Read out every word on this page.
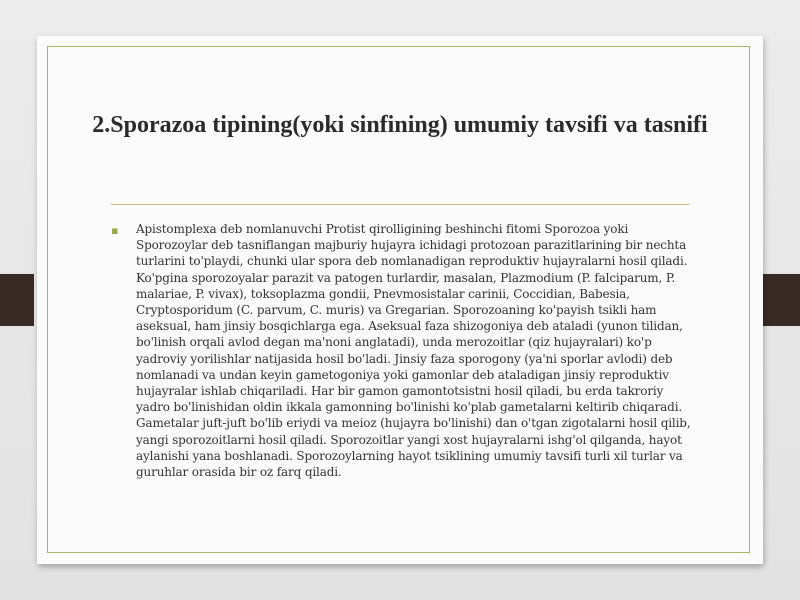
2.Sporazoa tipining(yoki sinfining) umumiy tavsifi va tasnifi
▪ Apistomplexa deb nomlanuvchi Protist qirolligining beshinchi fitomi Sporozoa yoki Sporozoylar deb tasniflangan majburiy hujayra ichidagi protozoan parazitlarining bir nechta turlarini to'playdi, chunki ular spora deb nomlanadigan reproduktiv hujayralarni hosil qiladi. Ko'pgina sporozoyalar parazit va patogen turlardir, masalan, Plazmodium (P. falciparum, P. malariae, P. vivax), toksoplazma gondii, Pnevmosistalar carinii, Coccidian, Babesia, Cryptosporidum (C. parvum, C. muris) va Gregarian. Sporozoaning ko'payish tsikli ham aseksual, ham jinsiy bosqichlarga ega. Aseksual faza shizogoniya deb ataladi (yunon tilidan, bo'linish orqali avlod degan ma'noni anglatadi), unda merozoitlar (qiz hujayralari) ko'p yadroviy yorilishlar natijasida hosil bo'ladi. Jinsiy faza sporogony (ya'ni sporlar avlodi) deb nomlanadi va undan keyin gametogoniya yoki gamonlar deb ataladigan jinsiy reproduktiv hujayralar ishlab chiqariladi. Har bir gamon gamontotsistni hosil qiladi, bu erda takroriy yadro bo'linishidan oldin ikkala gamonning bo'linishi ko'plab gametalarni keltirib chiqaradi. Gametalar juft-juft bo'lib eriydi va meioz (hujayra bo'linishi) dan o'tgan zigotalarni hosil qilib, yangi sporozoitlarni hosil qiladi. Sporozoitlar yangi xost hujayralarni ishg'ol qilganda, hayot aylanishi yana boshlanadi. Sporozoylarning hayot tsiklining umumiy tavsifi turli xil turlar va guruhlar orasida bir oz farq qiladi.
